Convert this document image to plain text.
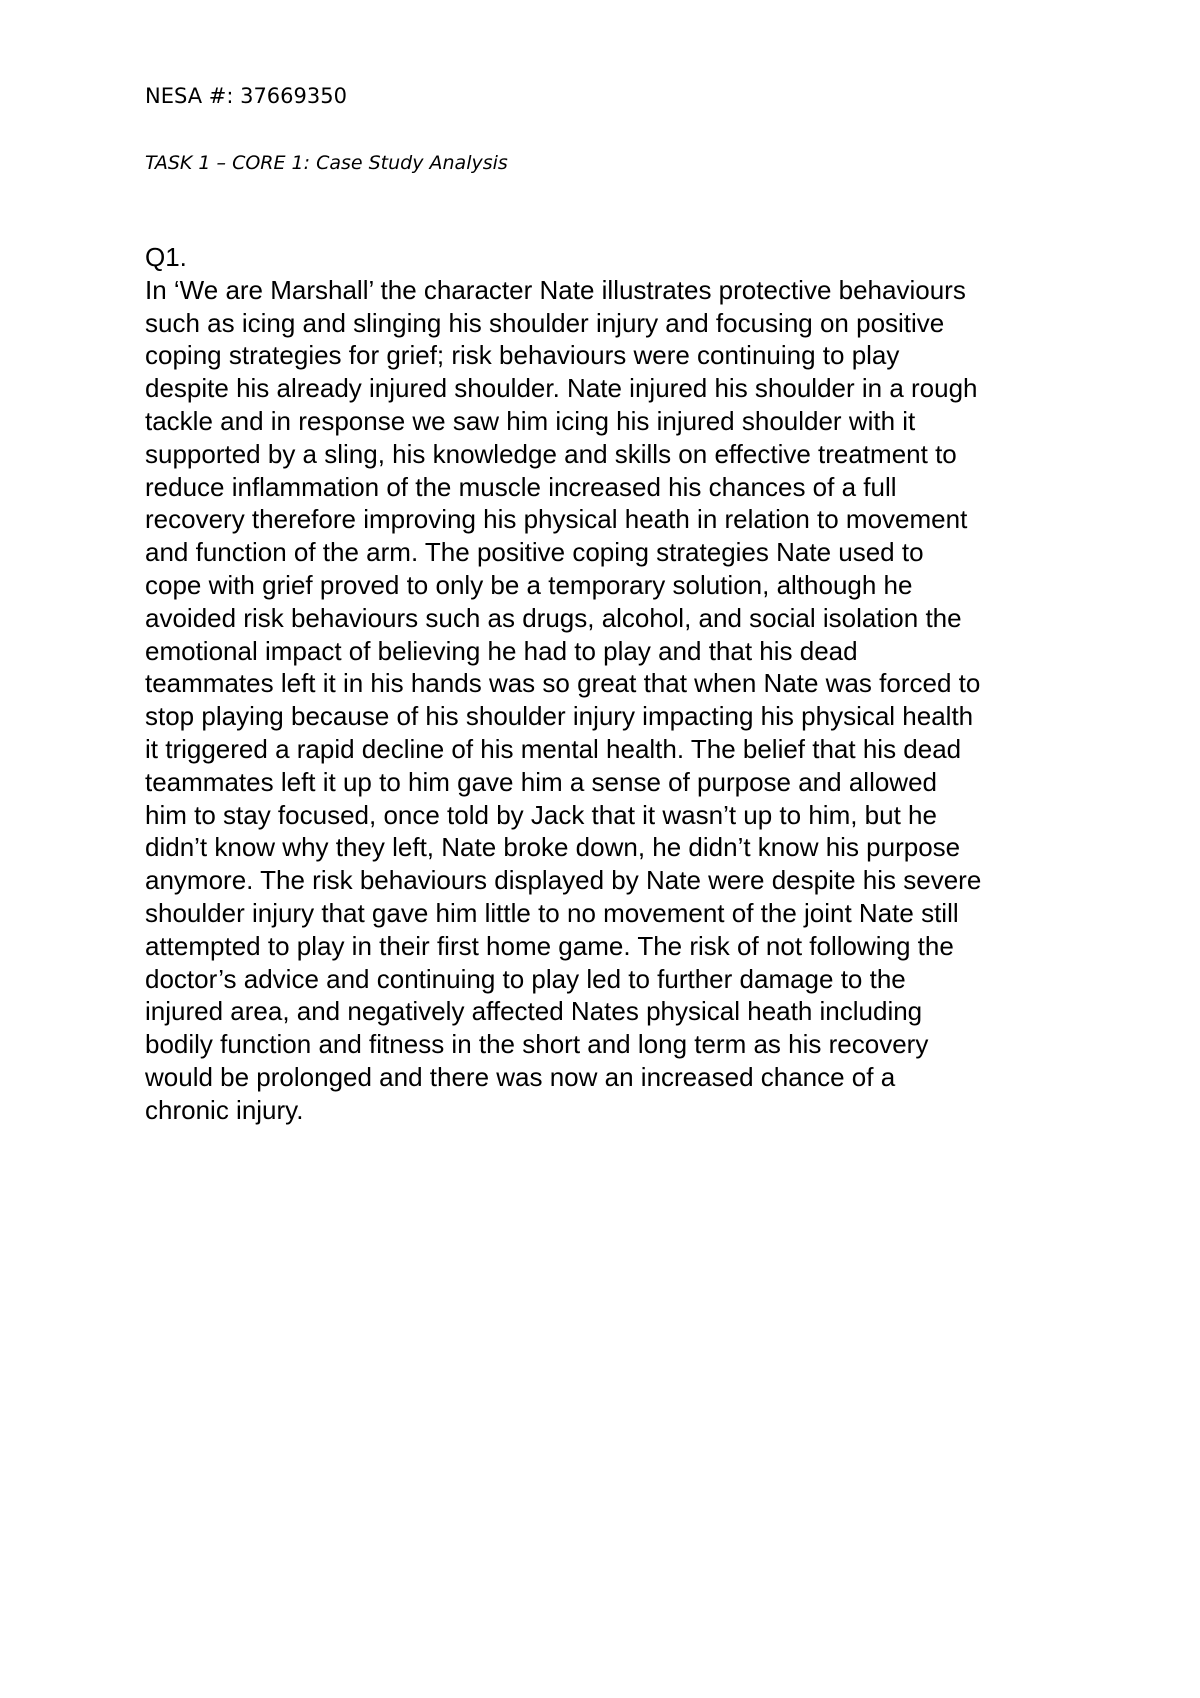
NESA #: 37669350
TASK 1 – CORE 1: Case Study Analysis
Q1.
In ‘We are Marshall’ the character Nate illustrates protective behaviours
such as icing and slinging his shoulder injury and focusing on positive
coping strategies for grief; risk behaviours were continuing to play
despite his already injured shoulder. Nate injured his shoulder in a rough
tackle and in response we saw him icing his injured shoulder with it
supported by a sling, his knowledge and skills on effective treatment to
reduce inflammation of the muscle increased his chances of a full
recovery therefore improving his physical heath in relation to movement
and function of the arm. The positive coping strategies Nate used to
cope with grief proved to only be a temporary solution, although he
avoided risk behaviours such as drugs, alcohol, and social isolation the
emotional impact of believing he had to play and that his dead
teammates left it in his hands was so great that when Nate was forced to
stop playing because of his shoulder injury impacting his physical health
it triggered a rapid decline of his mental health. The belief that his dead
teammates left it up to him gave him a sense of purpose and allowed
him to stay focused, once told by Jack that it wasn’t up to him, but he
didn’t know why they left, Nate broke down, he didn’t know his purpose
anymore. The risk behaviours displayed by Nate were despite his severe
shoulder injury that gave him little to no movement of the joint Nate still
attempted to play in their first home game. The risk of not following the
doctor’s advice and continuing to play led to further damage to the
injured area, and negatively affected Nates physical heath including
bodily function and fitness in the short and long term as his recovery
would be prolonged and there was now an increased chance of a
chronic injury.
